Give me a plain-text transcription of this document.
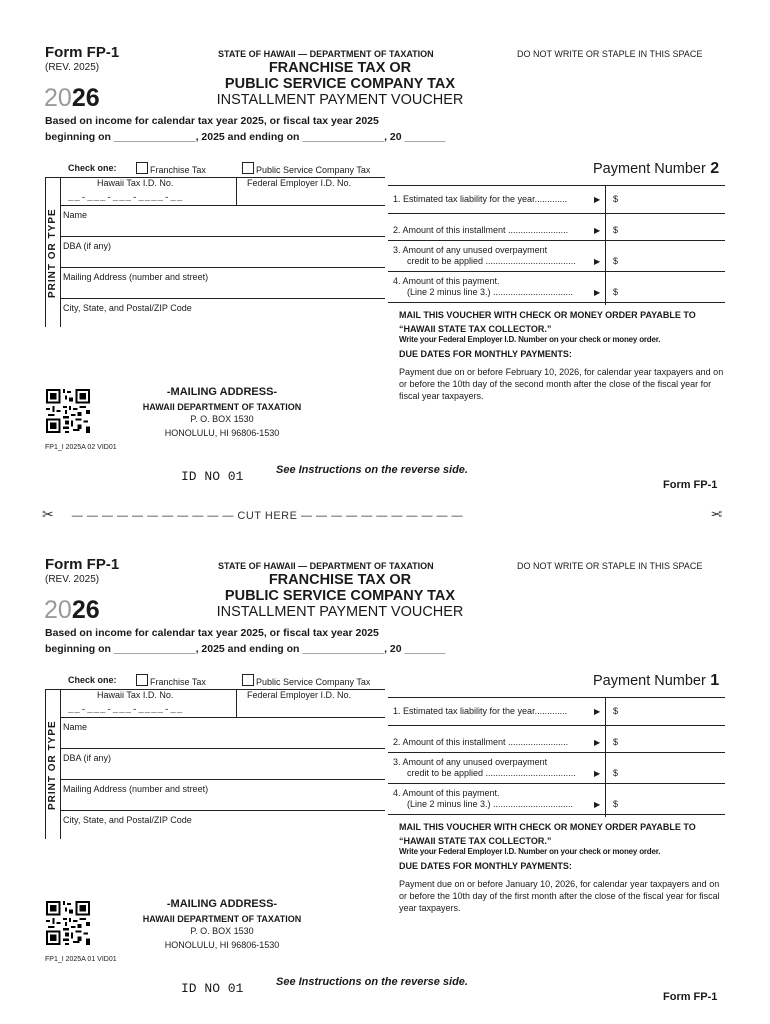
Form FP-1
(REV. 2025)
2026
STATE OF HAWAII — DEPARTMENT OF TAXATION	DO NOT WRITE OR STAPLE IN THIS SPACE
FRANCHISE TAX OR
PUBLIC SERVICE COMPANY TAX
INSTALLMENT PAYMENT VOUCHER
Based on income for calendar tax year 2025, or fiscal tax year 2025
beginning on ______________, 2025 and ending on ______________, 20 _______
Check one:	Franchise Tax	Public Service Company Tax	Payment Number 2
PRINT OR TYPE
Hawaii Tax I.D. No.
__-___-___-____-__
Federal Employer I.D. No.
Name
DBA (if any)
Mailing Address (number and street)
City, State, and Postal/ZIP Code
1. Estimated tax liability for the year.............	▶ $
2. Amount of this installment ........................	▶ $
3. Amount of any unused overpayment
credit to be applied .................................... ▶ $
4. Amount of this payment.
(Line 2 minus line 3.) ................................	▶ $
MAIL THIS VOUCHER WITH CHECK OR MONEY ORDER PAYABLE TO “HAWAII STATE TAX COLLECTOR.”
Write your Federal Employer I.D. Number on your check or money order.
DUE DATES FOR MONTHLY PAYMENTS:
Payment due on or before February 10, 2026, for calendar year taxpayers and on or before the 10th day of the second month after the close of the fiscal year for fiscal year taxpayers.
-MAILING ADDRESS-
HAWAII DEPARTMENT OF TAXATION
P. O. BOX 1530
HONOLULU, HI 96806-1530
FP1_I 2025A 02 VID01
ID NO 01	See Instructions on the reverse side.
Form FP-1
✂ — — — — — — — — — — — CUT HERE — — — — — — — — — — —	✂
Form FP-1
(REV. 2025)
2026
STATE OF HAWAII — DEPARTMENT OF TAXATION	DO NOT WRITE OR STAPLE IN THIS SPACE
FRANCHISE TAX OR
PUBLIC SERVICE COMPANY TAX
INSTALLMENT PAYMENT VOUCHER
Based on income for calendar tax year 2025, or fiscal tax year 2025
beginning on ______________, 2025 and ending on ______________, 20 _______
Check one:	Franchise Tax	Public Service Company Tax	Payment Number 1
PRINT OR TYPE
Hawaii Tax I.D. No.
__-___-___-____-__
Federal Employer I.D. No.
Name
DBA (if any)
Mailing Address (number and street)
City, State, and Postal/ZIP Code
1. Estimated tax liability for the year.............	▶ $
2. Amount of this installment ........................	▶ $
3. Amount of any unused overpayment
credit to be applied .................................... ▶ $
4. Amount of this payment.
(Line 2 minus line 3.) ................................	▶ $
MAIL THIS VOUCHER WITH CHECK OR MONEY ORDER PAYABLE TO “HAWAII STATE TAX COLLECTOR.”
Write your Federal Employer I.D. Number on your check or money order.
DUE DATES FOR MONTHLY PAYMENTS:
Payment due on or before January 10, 2026, for calendar year taxpayers and on or before the 10th day of the first month after the close of the fiscal year for fiscal year taxpayers.
-MAILING ADDRESS-
HAWAII DEPARTMENT OF TAXATION
P. O. BOX 1530
HONOLULU, HI 96806-1530
FP1_I 2025A 01 VID01
ID NO 01	See Instructions on the reverse side.
Form FP-1
